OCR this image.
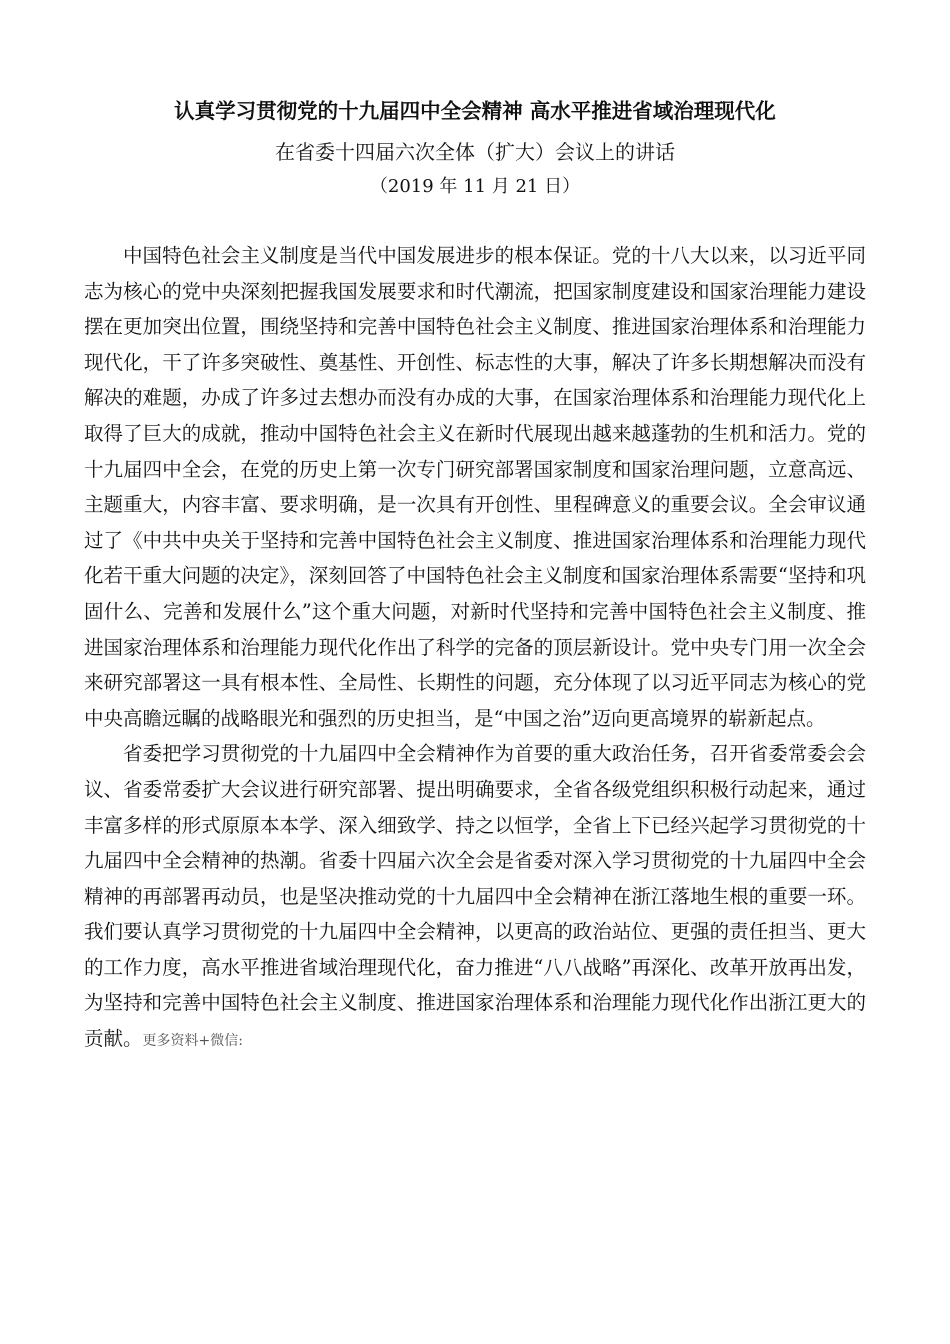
认真学习贯彻党的十九届四中全会精神 高水平推进省域治理现代化
在省委十四届六次全体（扩大）会议上的讲话
（2019 年 11 月 21 日）

中国特色社会主义制度是当代中国发展进步的根本保证。党的十八大以来，以习近平同志为核心的党中央深刻把握我国发展要求和时代潮流，把国家制度建设和国家治理能力建设摆在更加突出位置，围绕坚持和完善中国特色社会主义制度、推进国家治理体系和治理能力现代化，干了许多突破性、奠基性、开创性、标志性的大事，解决了许多长期想解决而没有解决的难题，办成了许多过去想办而没有办成的大事，在国家治理体系和治理能力现代化上取得了巨大的成就，推动中国特色社会主义在新时代展现出越来越蓬勃的生机和活力。党的十九届四中全会，在党的历史上第一次专门研究部署国家制度和国家治理问题，立意高远、主题重大，内容丰富、要求明确，是一次具有开创性、里程碑意义的重要会议。全会审议通过了《中共中央关于坚持和完善中国特色社会主义制度、推进国家治理体系和治理能力现代化若干重大问题的决定》，深刻回答了中国特色社会主义制度和国家治理体系需要“坚持和巩固什么、完善和发展什么”这个重大问题，对新时代坚持和完善中国特色社会主义制度、推进国家治理体系和治理能力现代化作出了科学的完备的顶层新设计。党中央专门用一次全会来研究部署这一具有根本性、全局性、长期性的问题，充分体现了以习近平同志为核心的党中央高瞻远瞩的战略眼光和强烈的历史担当，是“中国之治”迈向更高境界的崭新起点。

省委把学习贯彻党的十九届四中全会精神作为首要的重大政治任务，召开省委常委会会议、省委常委扩大会议进行研究部署、提出明确要求，全省各级党组织积极行动起来，通过丰富多样的形式原原本本学、深入细致学、持之以恒学，全省上下已经兴起学习贯彻党的十九届四中全会精神的热潮。省委十四届六次全会是省委对深入学习贯彻党的十九届四中全会精神的再部署再动员，也是坚决推动党的十九届四中全会精神在浙江落地生根的重要一环。我们要认真学习贯彻党的十九届四中全会精神，以更高的政治站位、更强的责任担当、更大的工作力度，高水平推进省域治理现代化，奋力推进“八八战略”再深化、改革开放再出发，为坚持和完善中国特色社会主义制度、推进国家治理体系和治理能力现代化作出浙江更大的贡献。更多资料+微信:
